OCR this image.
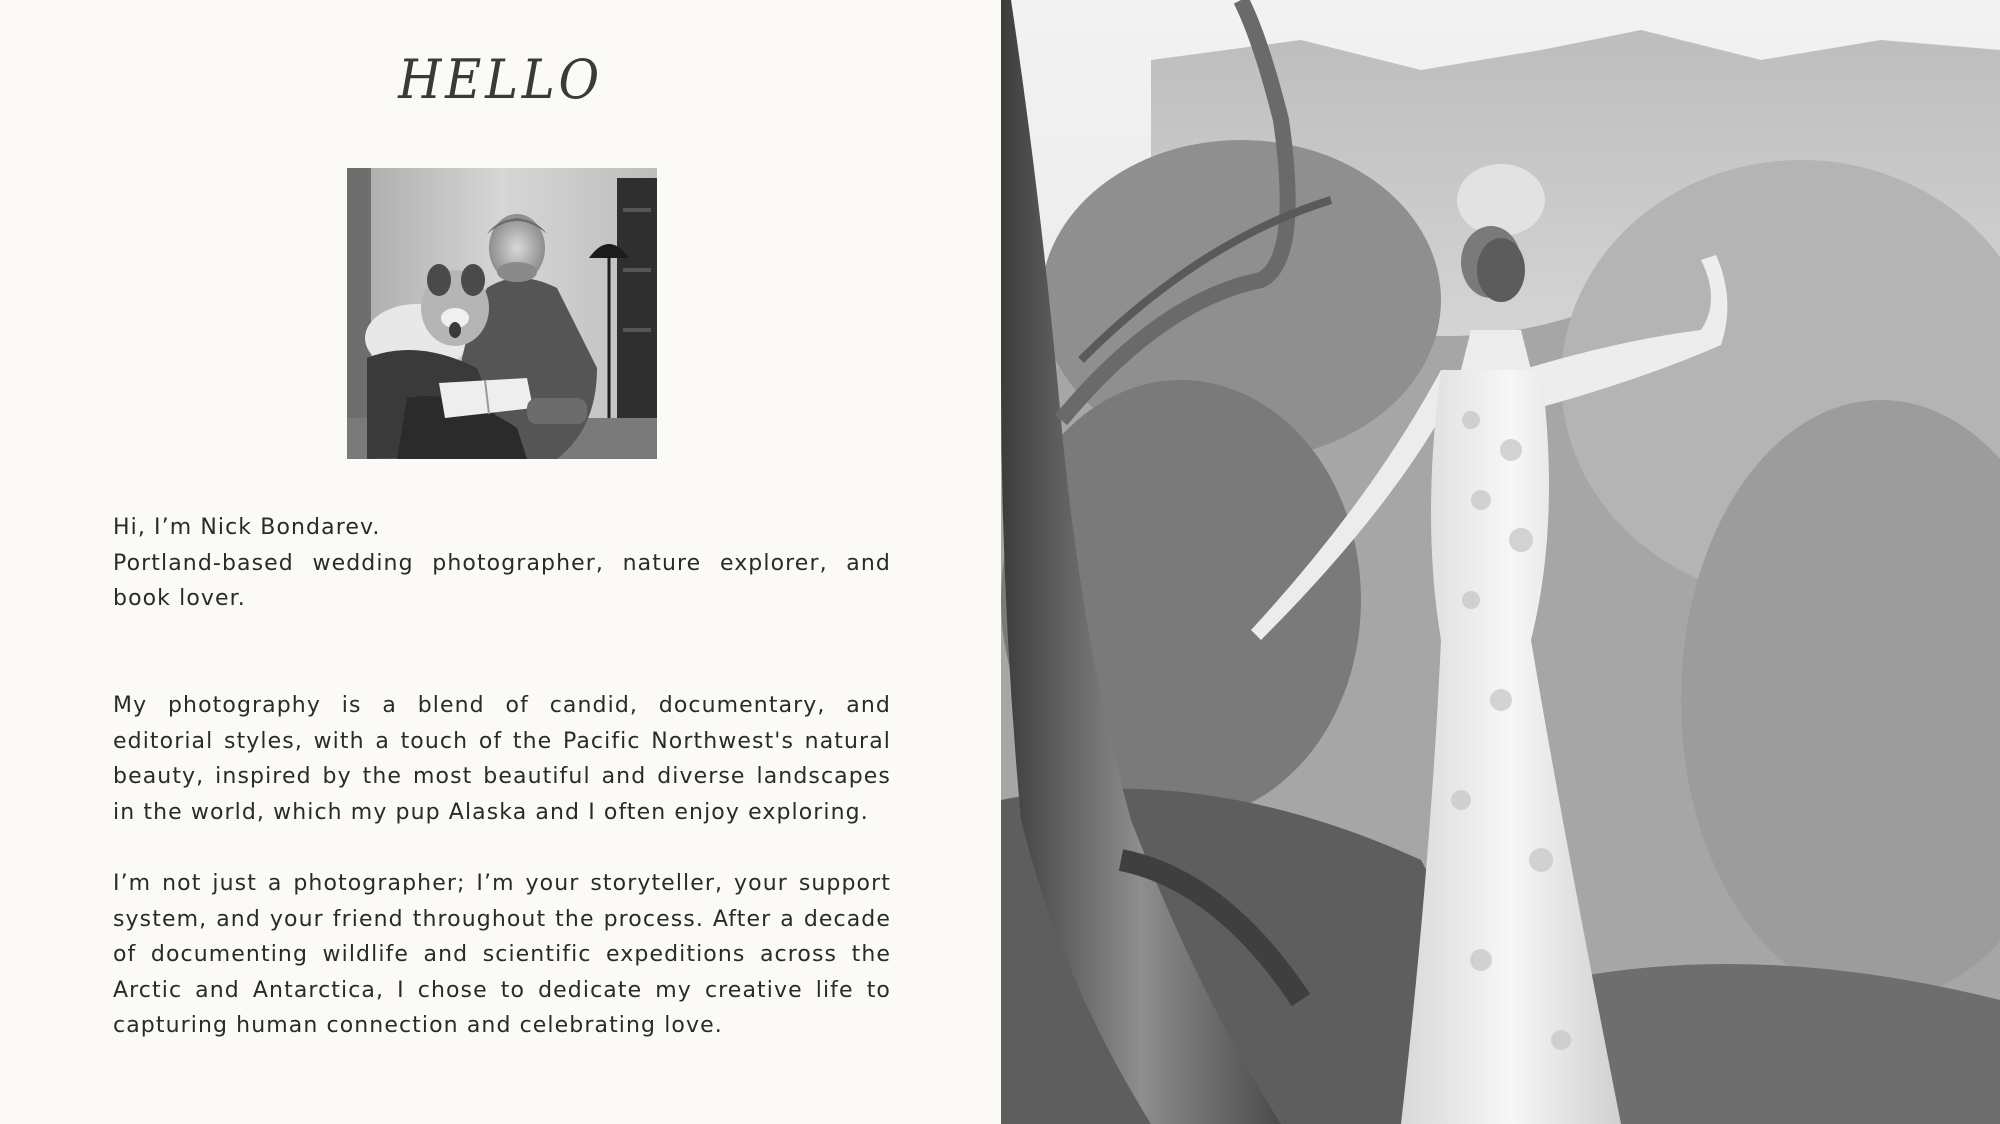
HELLO

Hi, I’m Nick Bondarev.

Portland-based wedding photographer, nature explorer, and book lover.

My photography is a blend of candid, documentary, and editorial styles, with a touch of the Pacific Northwest's natural beauty, inspired by the most beautiful and diverse landscapes in the world, which my pup Alaska and I often enjoy exploring.

I’m not just a photographer; I’m your storyteller, your support system, and your friend throughout the process. After a decade of documenting wildlife and scientific expeditions across the Arctic and Antarctica, I chose to dedicate my creative life to capturing human connection and celebrating love.
